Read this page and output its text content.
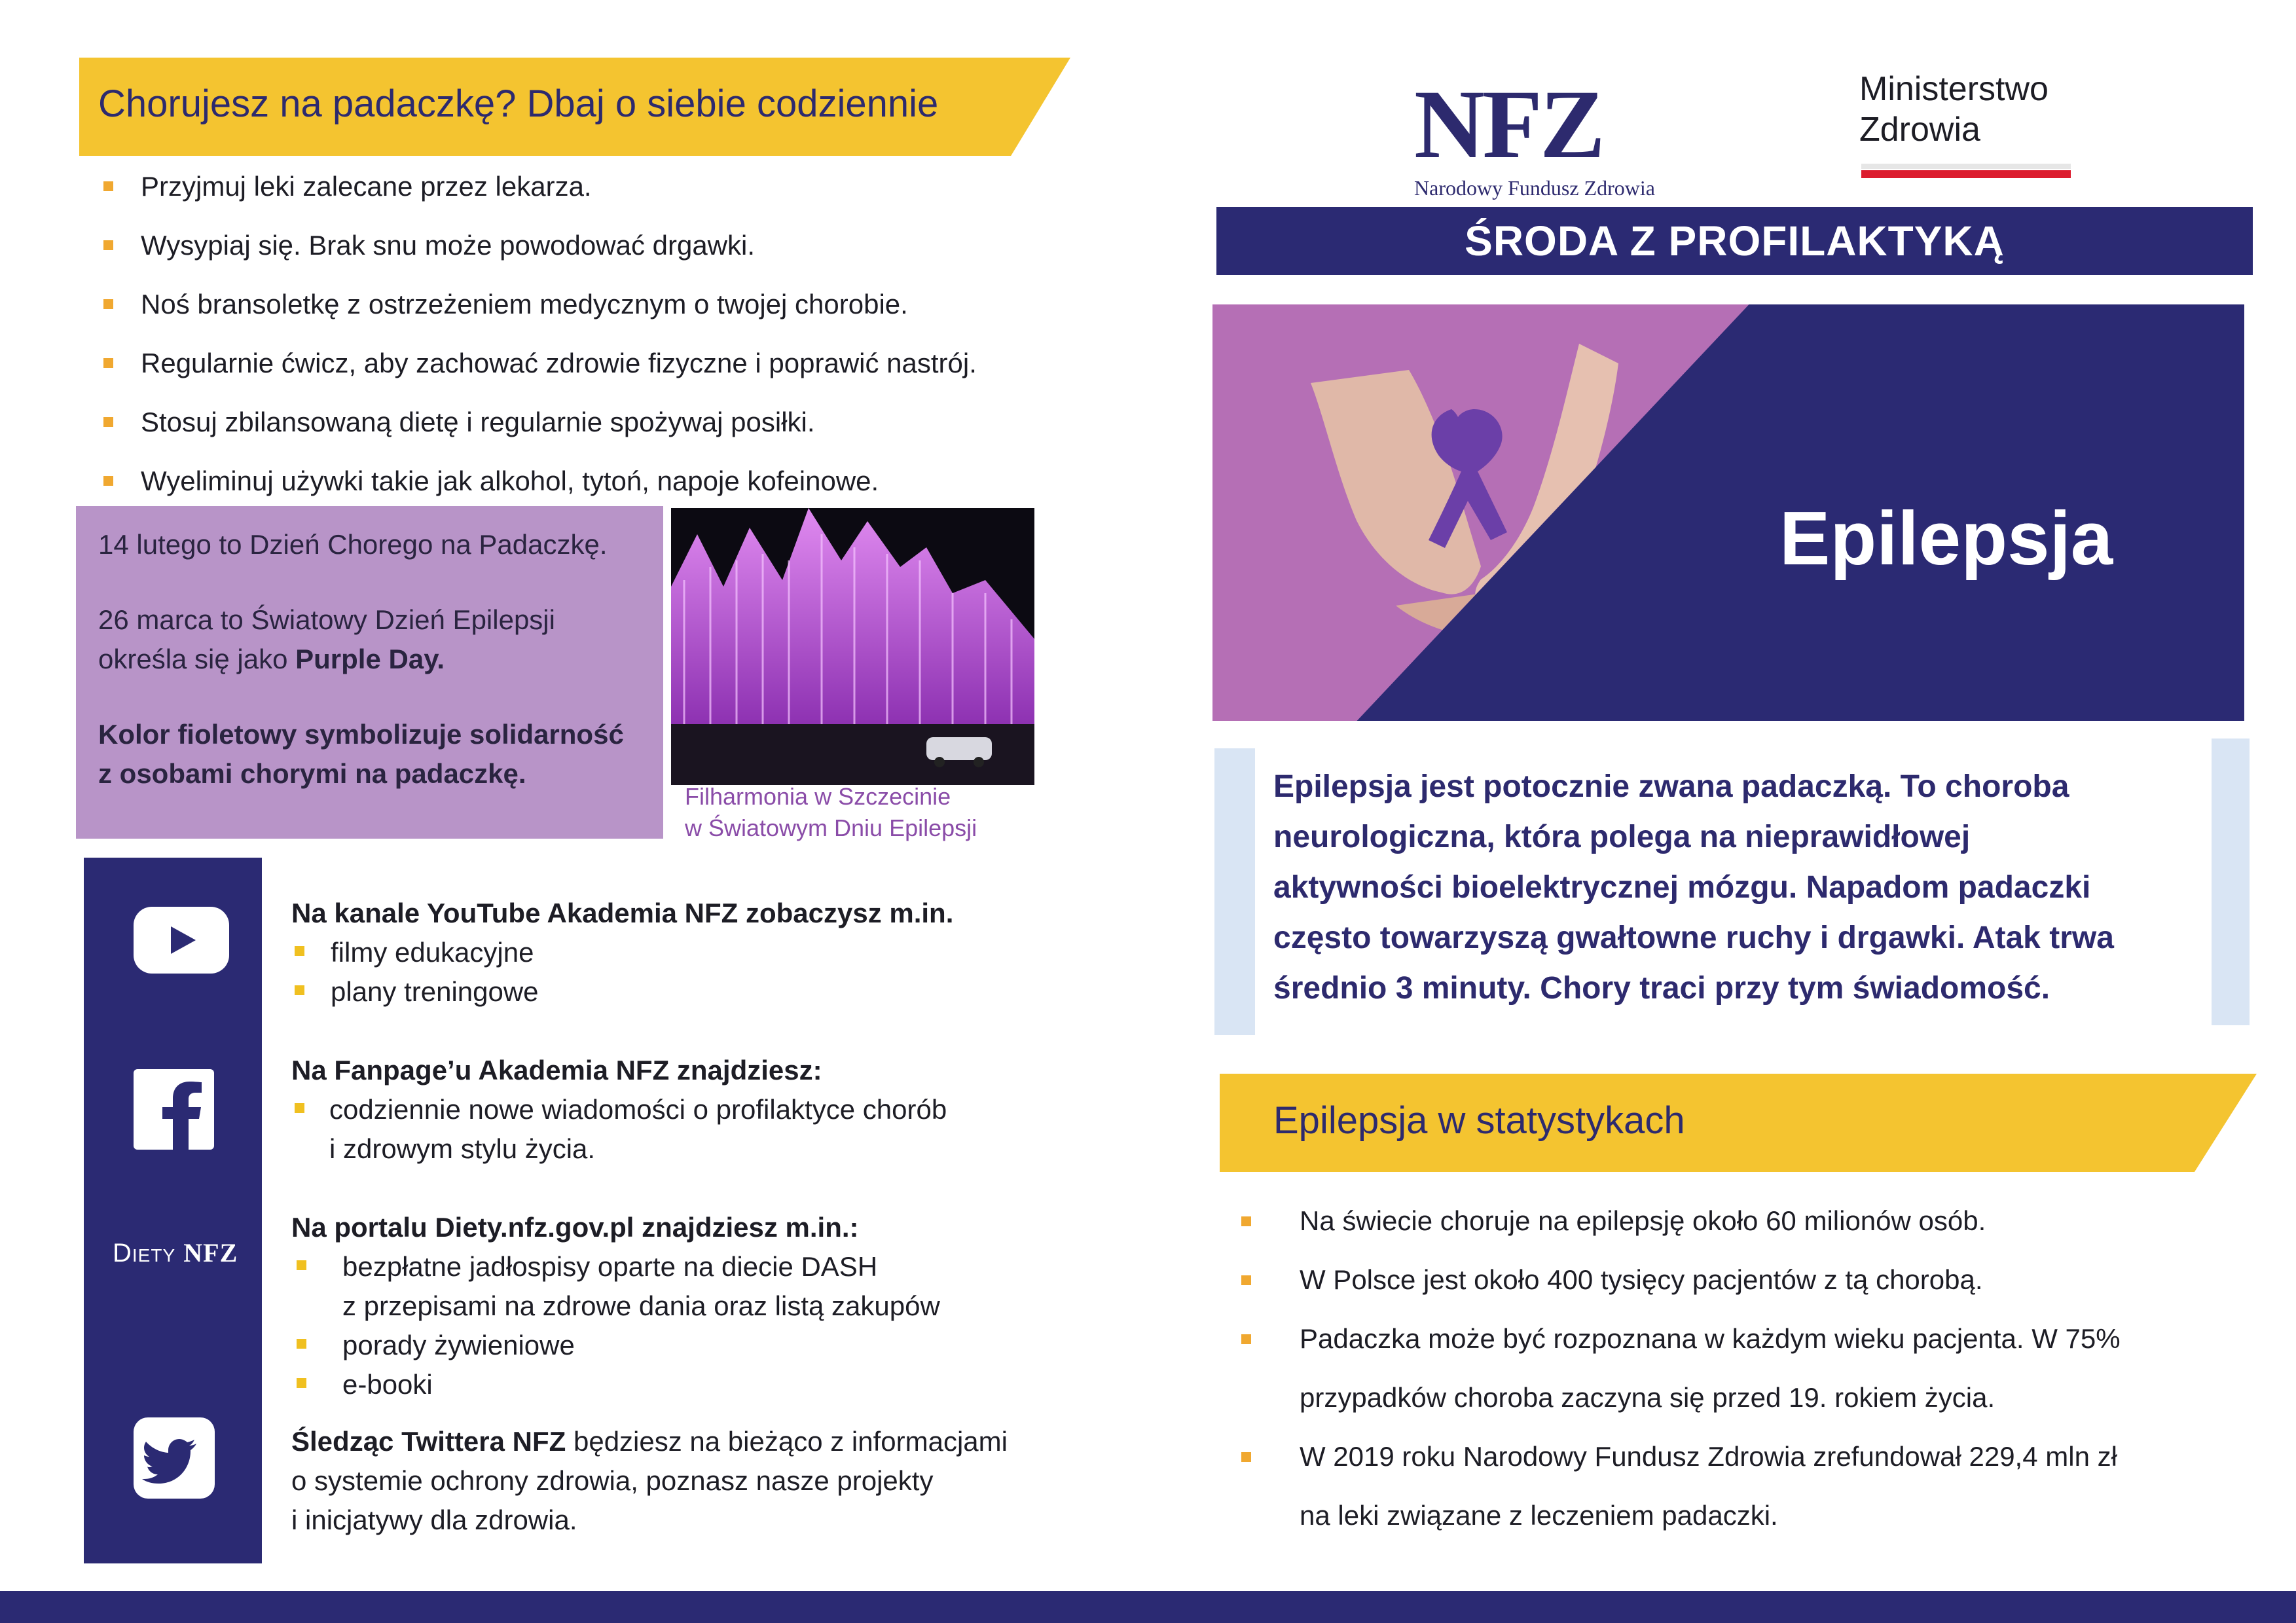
Chorujesz na padaczkę? Dbaj o siebie codziennie
Przyjmuj leki zalecane przez lekarza.
Wysypiaj się. Brak snu może powodować drgawki.
Noś bransoletkę z ostrzeżeniem medycznym o twojej chorobie.
Regularnie ćwicz, aby zachować zdrowie fizyczne i poprawić nastrój.
Stosuj zbilansowaną dietę i regularnie spożywaj posiłki.
Wyeliminuj używki takie jak alkohol, tytoń, napoje kofeinowe.
14 lutego to Dzień Chorego na Padaczkę.
26 marca to Światowy Dzień Epilepsji
określa się jako Purple Day.
Kolor fioletowy symbolizuje solidarność
z osobami chorymi na padaczkę.
Filharmonia w Szczecinie
w Światowym Dniu Epilepsji
Diety NFZ
Na kanale YouTube Akademia NFZ zobaczysz m.in.
filmy edukacyjne
plany treningowe
Na Fanpage’u Akademia NFZ znajdziesz:
codziennie nowe wiadomości o profilaktyce chorób
i zdrowym stylu życia.
Na portalu Diety.nfz.gov.pl znajdziesz m.in.:
bezpłatne jadłospisy oparte na diecie DASH
z przepisami na zdrowe dania oraz listą zakupów
porady żywieniowe
e-booki
Śledząc Twittera NFZ będziesz na bieżąco z informacjami
o systemie ochrony zdrowia, poznasz nasze projekty
i inicjatywy dla zdrowia.
NFZ
Narodowy Fundusz Zdrowia
Ministerstwo
Zdrowia
ŚRODA Z PROFILAKTYKĄ
Epilepsja
Epilepsja jest potocznie zwana padaczką. To choroba
neurologiczna, która polega na nieprawidłowej
aktywności bioelektrycznej mózgu. Napadom padaczki
często towarzyszą gwałtowne ruchy i drgawki. Atak trwa
średnio 3 minuty. Chory traci przy tym świadomość.
Epilepsja w statystykach
Na świecie choruje na epilepsję około 60 milionów osób.
W Polsce jest około 400 tysięcy pacjentów z tą chorobą.
Padaczka może być rozpoznana w każdym wieku pacjenta. W 75%
przypadków choroba zaczyna się przed 19. rokiem życia.
W 2019 roku Narodowy Fundusz Zdrowia zrefundował 229,4 mln zł
na leki związane z leczeniem padaczki.
